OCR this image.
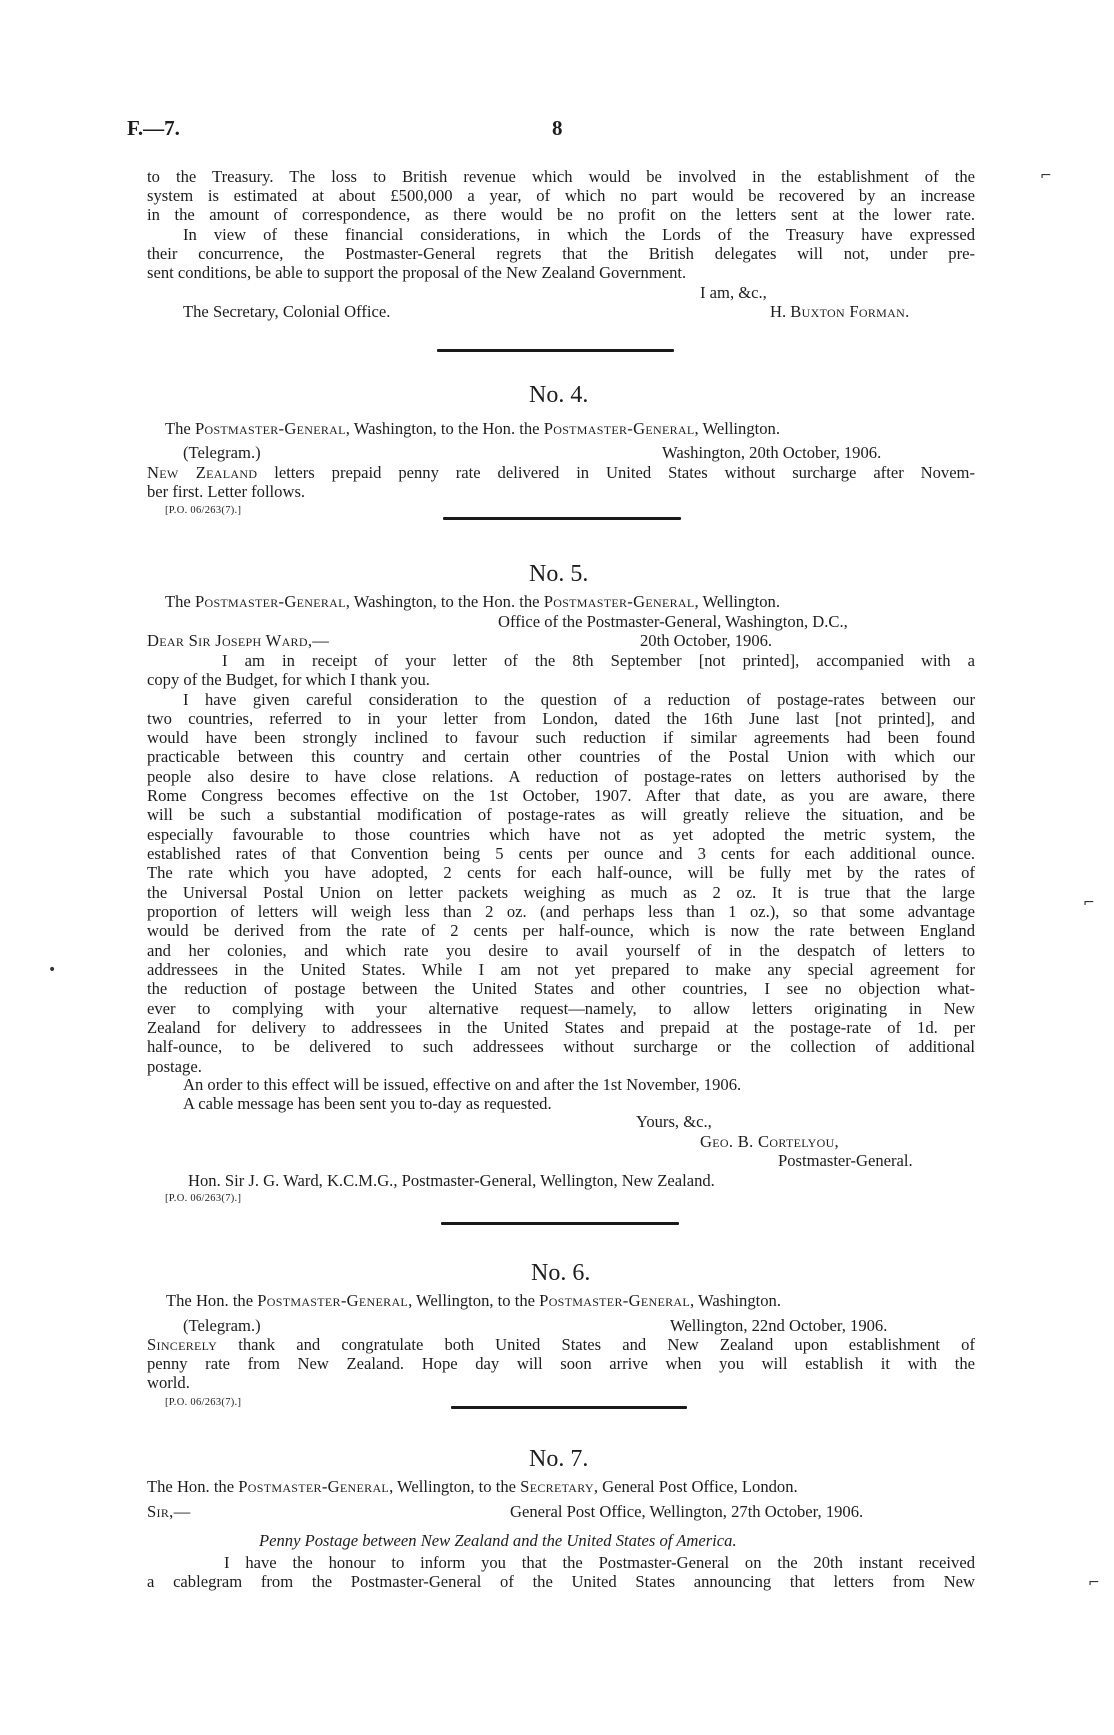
F.—7.	8
to the Treasury. The loss to British revenue which would be involved in the establishment of the
system is estimated at about £500,000 a year, of which no part would be recovered by an increase
in the amount of correspondence, as there would be no profit on the letters sent at the lower rate.
In view of these financial considerations, in which the Lords of the Treasury have expressed
their concurrence, the Postmaster-General regrets that the British delegates will not, under pre-
sent conditions, be able to support the proposal of the New Zealand Government.
I am, &c.,
The Secretary, Colonial Office.	H. Buxton Forman.
No. 4.
The Postmaster-General, Washington, to the Hon. the Postmaster-General, Wellington.
(Telegram.)	Washington, 20th October, 1906.
New Zealand letters prepaid penny rate delivered in United States without surcharge after Novem-
ber first. Letter follows.
[P.O. 06/263(7).]
No. 5.
The Postmaster-General, Washington, to the Hon. the Postmaster-General, Wellington.
Office of the Postmaster-General, Washington, D.C.,
Dear Sir Joseph Ward,—	20th October, 1906.
I am in receipt of your letter of the 8th September [not printed], accompanied with a
copy of the Budget, for which I thank you.
I have given careful consideration to the question of a reduction of postage-rates between our
two countries, referred to in your letter from London, dated the 16th June last [not printed], and
would have been strongly inclined to favour such reduction if similar agreements had been found
practicable between this country and certain other countries of the Postal Union with which our
people also desire to have close relations. A reduction of postage-rates on letters authorised by the
Rome Congress becomes effective on the 1st October, 1907. After that date, as you are aware, there
will be such a substantial modification of postage-rates as will greatly relieve the situation, and be
especially favourable to those countries which have not as yet adopted the metric system, the
established rates of that Convention being 5 cents per ounce and 3 cents for each additional ounce.
The rate which you have adopted, 2 cents for each half-ounce, will be fully met by the rates of
the Universal Postal Union on letter packets weighing as much as 2 oz. It is true that the large
proportion of letters will weigh less than 2 oz. (and perhaps less than 1 oz.), so that some advantage
would be derived from the rate of 2 cents per half-ounce, which is now the rate between England
and her colonies, and which rate you desire to avail yourself of in the despatch of letters to
addressees in the United States. While I am not yet prepared to make any special agreement for
the reduction of postage between the United States and other countries, I see no objection what-
ever to complying with your alternative request—namely, to allow letters originating in New
Zealand for delivery to addressees in the United States and prepaid at the postage-rate of 1d. per
half-ounce, to be delivered to such addressees without surcharge or the collection of additional
postage.
An order to this effect will be issued, effective on and after the 1st November, 1906.
A cable message has been sent you to-day as requested.
Yours, &c.,
Geo. B. Cortelyou,
Postmaster-General.
Hon. Sir J. G. Ward, K.C.M.G., Postmaster-General, Wellington, New Zealand.
[P.O. 06/263(7).]
No. 6.
The Hon. the Postmaster-General, Wellington, to the Postmaster-General, Washington.
(Telegram.)	Wellington, 22nd October, 1906.
Sincerely thank and congratulate both United States and New Zealand upon establishment of
penny rate from New Zealand. Hope day will soon arrive when you will establish it with the
world.
[P.O. 06/263(7).]
No. 7.
The Hon. the Postmaster-General, Wellington, to the Secretary, General Post Office, London.
Sir,—	General Post Office, Wellington, 27th October, 1906.
Penny Postage between New Zealand and the United States of America.
I have the honour to inform you that the Postmaster-General on the 20th instant received
a cablegram from the Postmaster-General of the United States announcing that letters from New
⌐
⌐
⌐
•
